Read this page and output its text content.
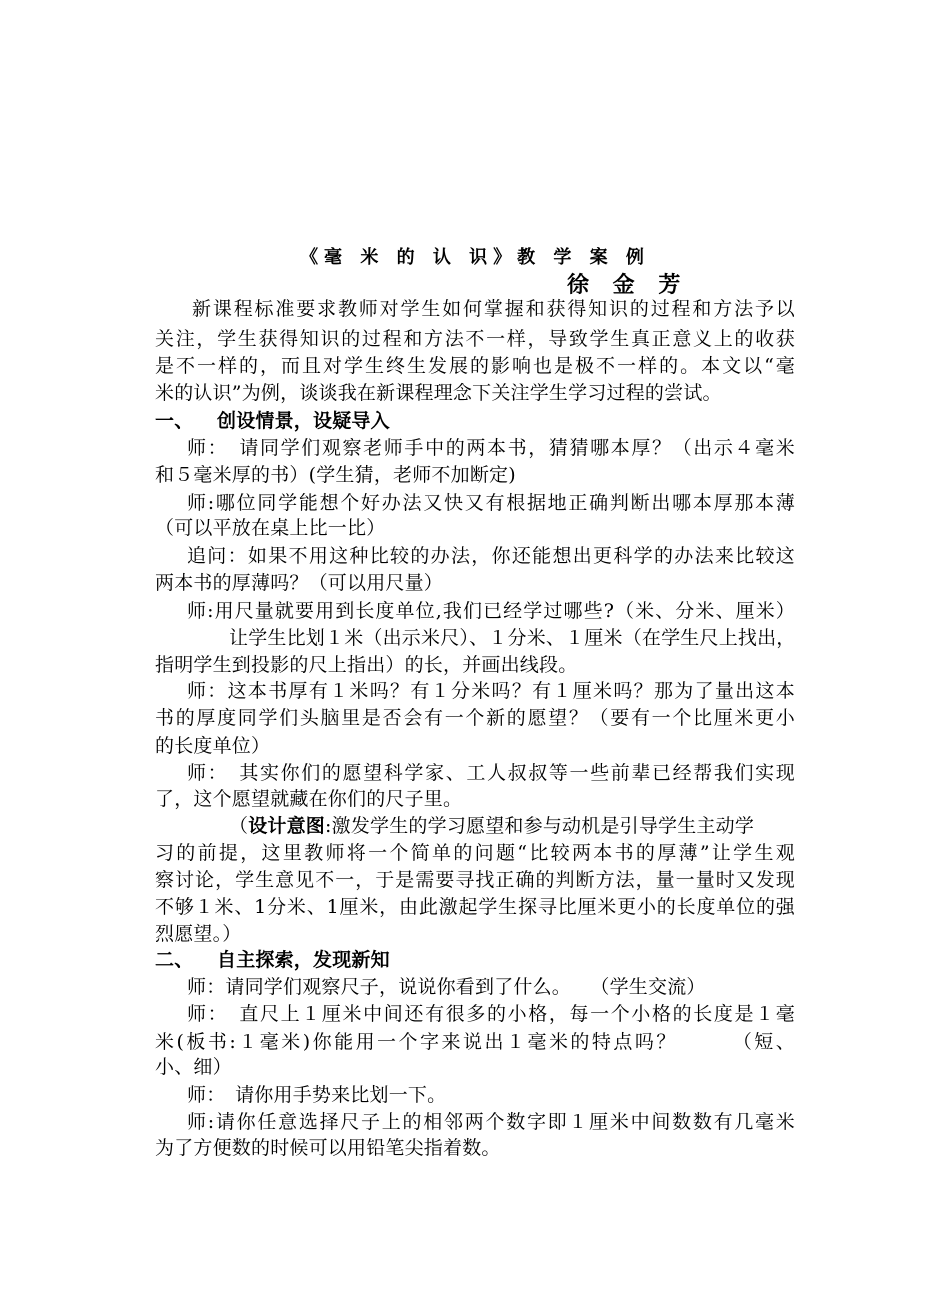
《毫 米 的 认 识》教 学 案 例
徐 金 芳
新课程标准要求教师对学生如何掌握和获得知识的过程和方法予以
关注，学生获得知识的过程和方法不一样，导致学生真正意义上的收获
是不一样的，而且对学生终生发展的影响也是极不一样的。本文以“毫
米的认识”为例，谈谈我在新课程理念下关注学生学习过程的尝试。
一、 创设情景，设疑导入
师：　请同学们观察老师手中的两本书，猜猜哪本厚？（出示４毫米
和５毫米厚的书）(学生猜，老师不加断定)
师:哪位同学能想个好办法又快又有根据地正确判断出哪本厚那本薄
（可以平放在桌上比一比）
追问：如果不用这种比较的办法，你还能想出更科学的办法来比较这
两本书的厚薄吗？（可以用尺量）
师:用尺量就要用到长度单位,我们已经学过哪些?（米、分米、厘米）
让学生比划１米（出示米尺）、１分米、１厘米（在学生尺上找出，
指明学生到投影的尺上指出）的长，并画出线段。
师：这本书厚有１米吗？有１分米吗？有１厘米吗？那为了量出这本
书的厚度同学们头脑里是否会有一个新的愿望？（要有一个比厘米更小
的长度单位）
师：　其实你们的愿望科学家、工人叔叔等一些前辈已经帮我们实现
了，这个愿望就藏在你们的尺子里。
（设计意图:激发学生的学习愿望和参与动机是引导学生主动学
习的前提，这里教师将一个简单的问题“比较两本书的厚薄”让学生观
察讨论，学生意见不一，于是需要寻找正确的判断方法，量一量时又发现
不够１米、1分米、1厘米，由此激起学生探寻比厘米更小的长度单位的强
烈愿望。）
二、 自主探索，发现新知
师：请同学们观察尺子，说说你看到了什么。　　（学生交流）
师：　直尺上１厘米中间还有很多的小格，每一个小格的长度是１毫
米(板书:１毫米)你能用一个字来说出１毫米的特点吗？　　　（短、
小、细）
师：　请你用手势来比划一下。
师:请你任意选择尺子上的相邻两个数字即１厘米中间数数有几毫米
为了方便数的时候可以用铅笔尖指着数。
